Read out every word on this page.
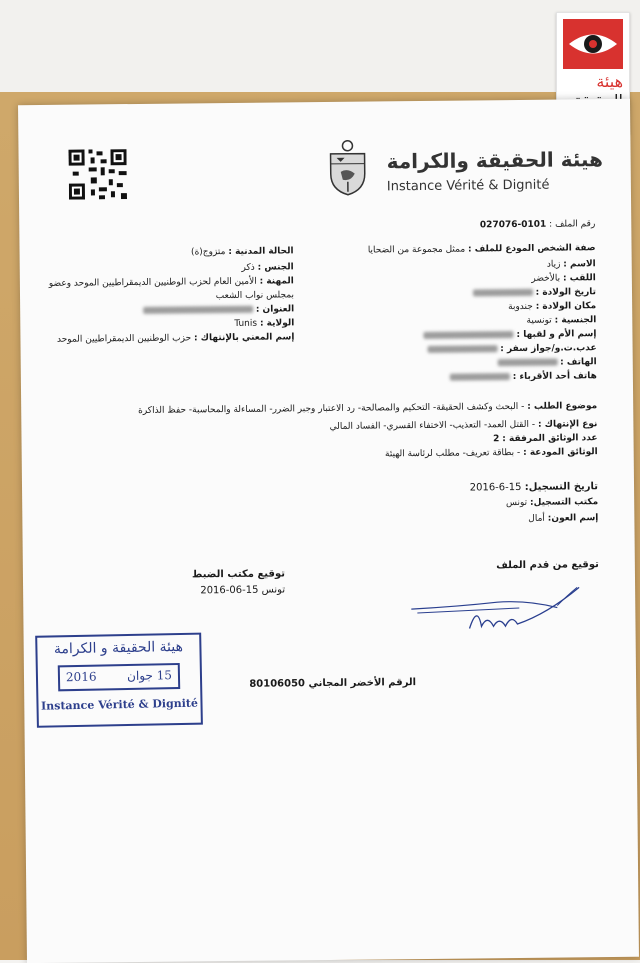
هيئة
هيئة الحقيقة والكرامة
Instance Vérité & Dignité
رقم الملف : 0101-027076
صفة الشخص المودع للملف : ممثل مجموعة من الضحايا
الاسم : زياد
اللقب : بالأخضر
تاريخ الولادة :
مكان الولادة : جندوبة
الجنسية : تونسية
إسم الأم و لقبها :
عدب.ت.و/جواز سفر :
الهاتف :
هاتف أحد الأقرباء :
الحالة المدنية : متزوج(ة)
الجنس : ذكر
المهنة : الأمين العام لحزب الوطنيين الديمقراطيين الموحد وعضو
بمجلس نواب الشعب
العنوان :
الولاية : Tunis
إسم المعني بالإنتهاك : حزب الوطنيين الديمقراطيين الموحد
موضوع الطلب : - البحث وكشف الحقيقة- التحكيم والمصالحة- رد الاعتبار وجبر الضرر- المساءلة والمحاسبة- حفظ الذاكرة
نوع الإنتهاك : - القتل العمد- التعذيب- الاختفاء القسري- الفساد المالي
عدد الوثائق المرفقة : 2
الوثائق المودعة : - بطاقة تعريف- مطلب لرئاسة الهيئة
تاريخ التسجيل: 15-6-2016
مكتب التسجيل: تونس
إسم العون: أمال
توقيع من قدم الملف
توقيع مكتب الضبط
تونس 15-06-2016
هيئة الحقيقة و الكرامة
2016	15 جوان
Instance Vérité & Dignité
الرقم الأخضر المجاني 80106050
